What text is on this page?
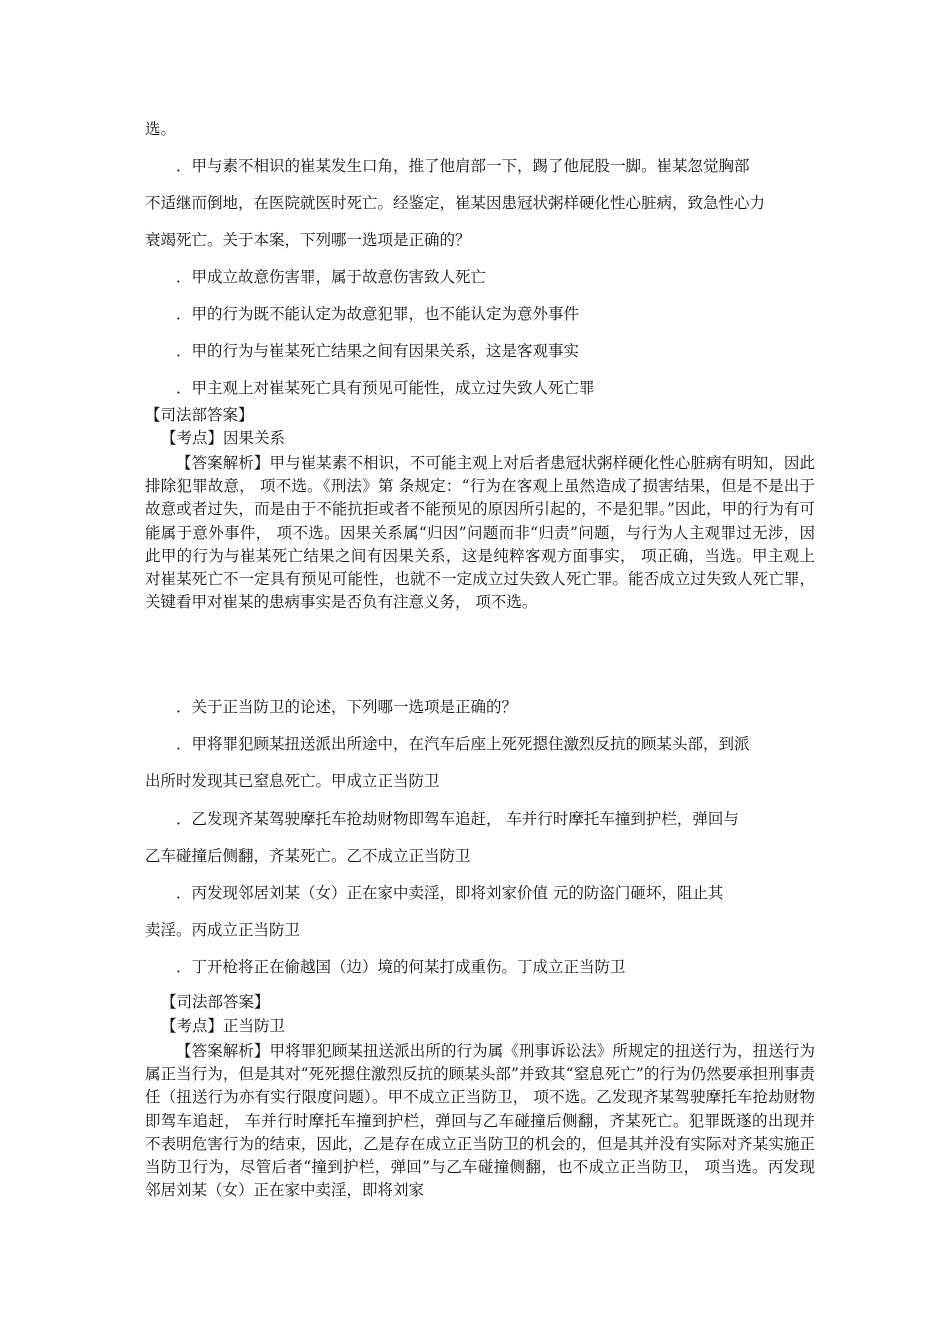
选。
．甲与素不相识的崔某发生口角，推了他肩部一下，踢了他屁股一脚。崔某忽觉胸部
不适继而倒地，在医院就医时死亡。经鉴定，崔某因患冠状粥样硬化性心脏病，致急性心力
衰竭死亡。关于本案，下列哪一选项是正确的？
．甲成立故意伤害罪，属于故意伤害致人死亡
．甲的行为既不能认定为故意犯罪，也不能认定为意外事件
．甲的行为与崔某死亡结果之间有因果关系，这是客观事实
．甲主观上对崔某死亡具有预见可能性，成立过失致人死亡罪
【司法部答案】
【考点】因果关系
【答案解析】甲与崔某素不相识，不可能主观上对后者患冠状粥样硬化性心脏病有明知，因此排除犯罪故意， 项不选。《刑法》第 条规定：“行为在客观上虽然造成了损害结果，但是不是出于故意或者过失，而是由于不能抗拒或者不能预见的原因所引起的，不是犯罪。”因此，甲的行为有可能属于意外事件， 项不选。因果关系属“归因”问题而非“归责”问题，与行为人主观罪过无涉，因此甲的行为与崔某死亡结果之间有因果关系，这是纯粹客观方面事实， 项正确，当选。甲主观上对崔某死亡不一定具有预见可能性，也就不一定成立过失致人死亡罪。能否成立过失致人死亡罪，关键看甲对崔某的患病事实是否负有注意义务， 项不选。
．关于正当防卫的论述，下列哪一选项是正确的？
．甲将罪犯顾某扭送派出所途中，在汽车后座上死死摁住激烈反抗的顾某头部，到派
出所时发现其已窒息死亡。甲成立正当防卫
．乙发现齐某驾驶摩托车抢劫财物即驾车追赶， 车并行时摩托车撞到护栏，弹回与
乙车碰撞后侧翻，齐某死亡。乙不成立正当防卫
．丙发现邻居刘某（女）正在家中卖淫，即将刘家价值 元的防盗门砸坏，阻止其
卖淫。丙成立正当防卫
．丁开枪将正在偷越国（边）境的何某打成重伤。丁成立正当防卫
【司法部答案】
【考点】正当防卫
【答案解析】甲将罪犯顾某扭送派出所的行为属《刑事诉讼法》所规定的扭送行为，扭送行为属正当行为，但是其对“死死摁住激烈反抗的顾某头部”并致其“窒息死亡”的行为仍然要承担刑事责任（扭送行为亦有实行限度问题）。甲不成立正当防卫， 项不选。乙发现齐某驾驶摩托车抢劫财物即驾车追赶， 车并行时摩托车撞到护栏，弹回与乙车碰撞后侧翻，齐某死亡。犯罪既遂的出现并不表明危害行为的结束，因此，乙是存在成立正当防卫的机会的，但是其并没有实际对齐某实施正当防卫行为，尽管后者“撞到护栏，弹回”与乙车碰撞侧翻，也不成立正当防卫， 项当选。丙发现邻居刘某（女）正在家中卖淫，即将刘家
